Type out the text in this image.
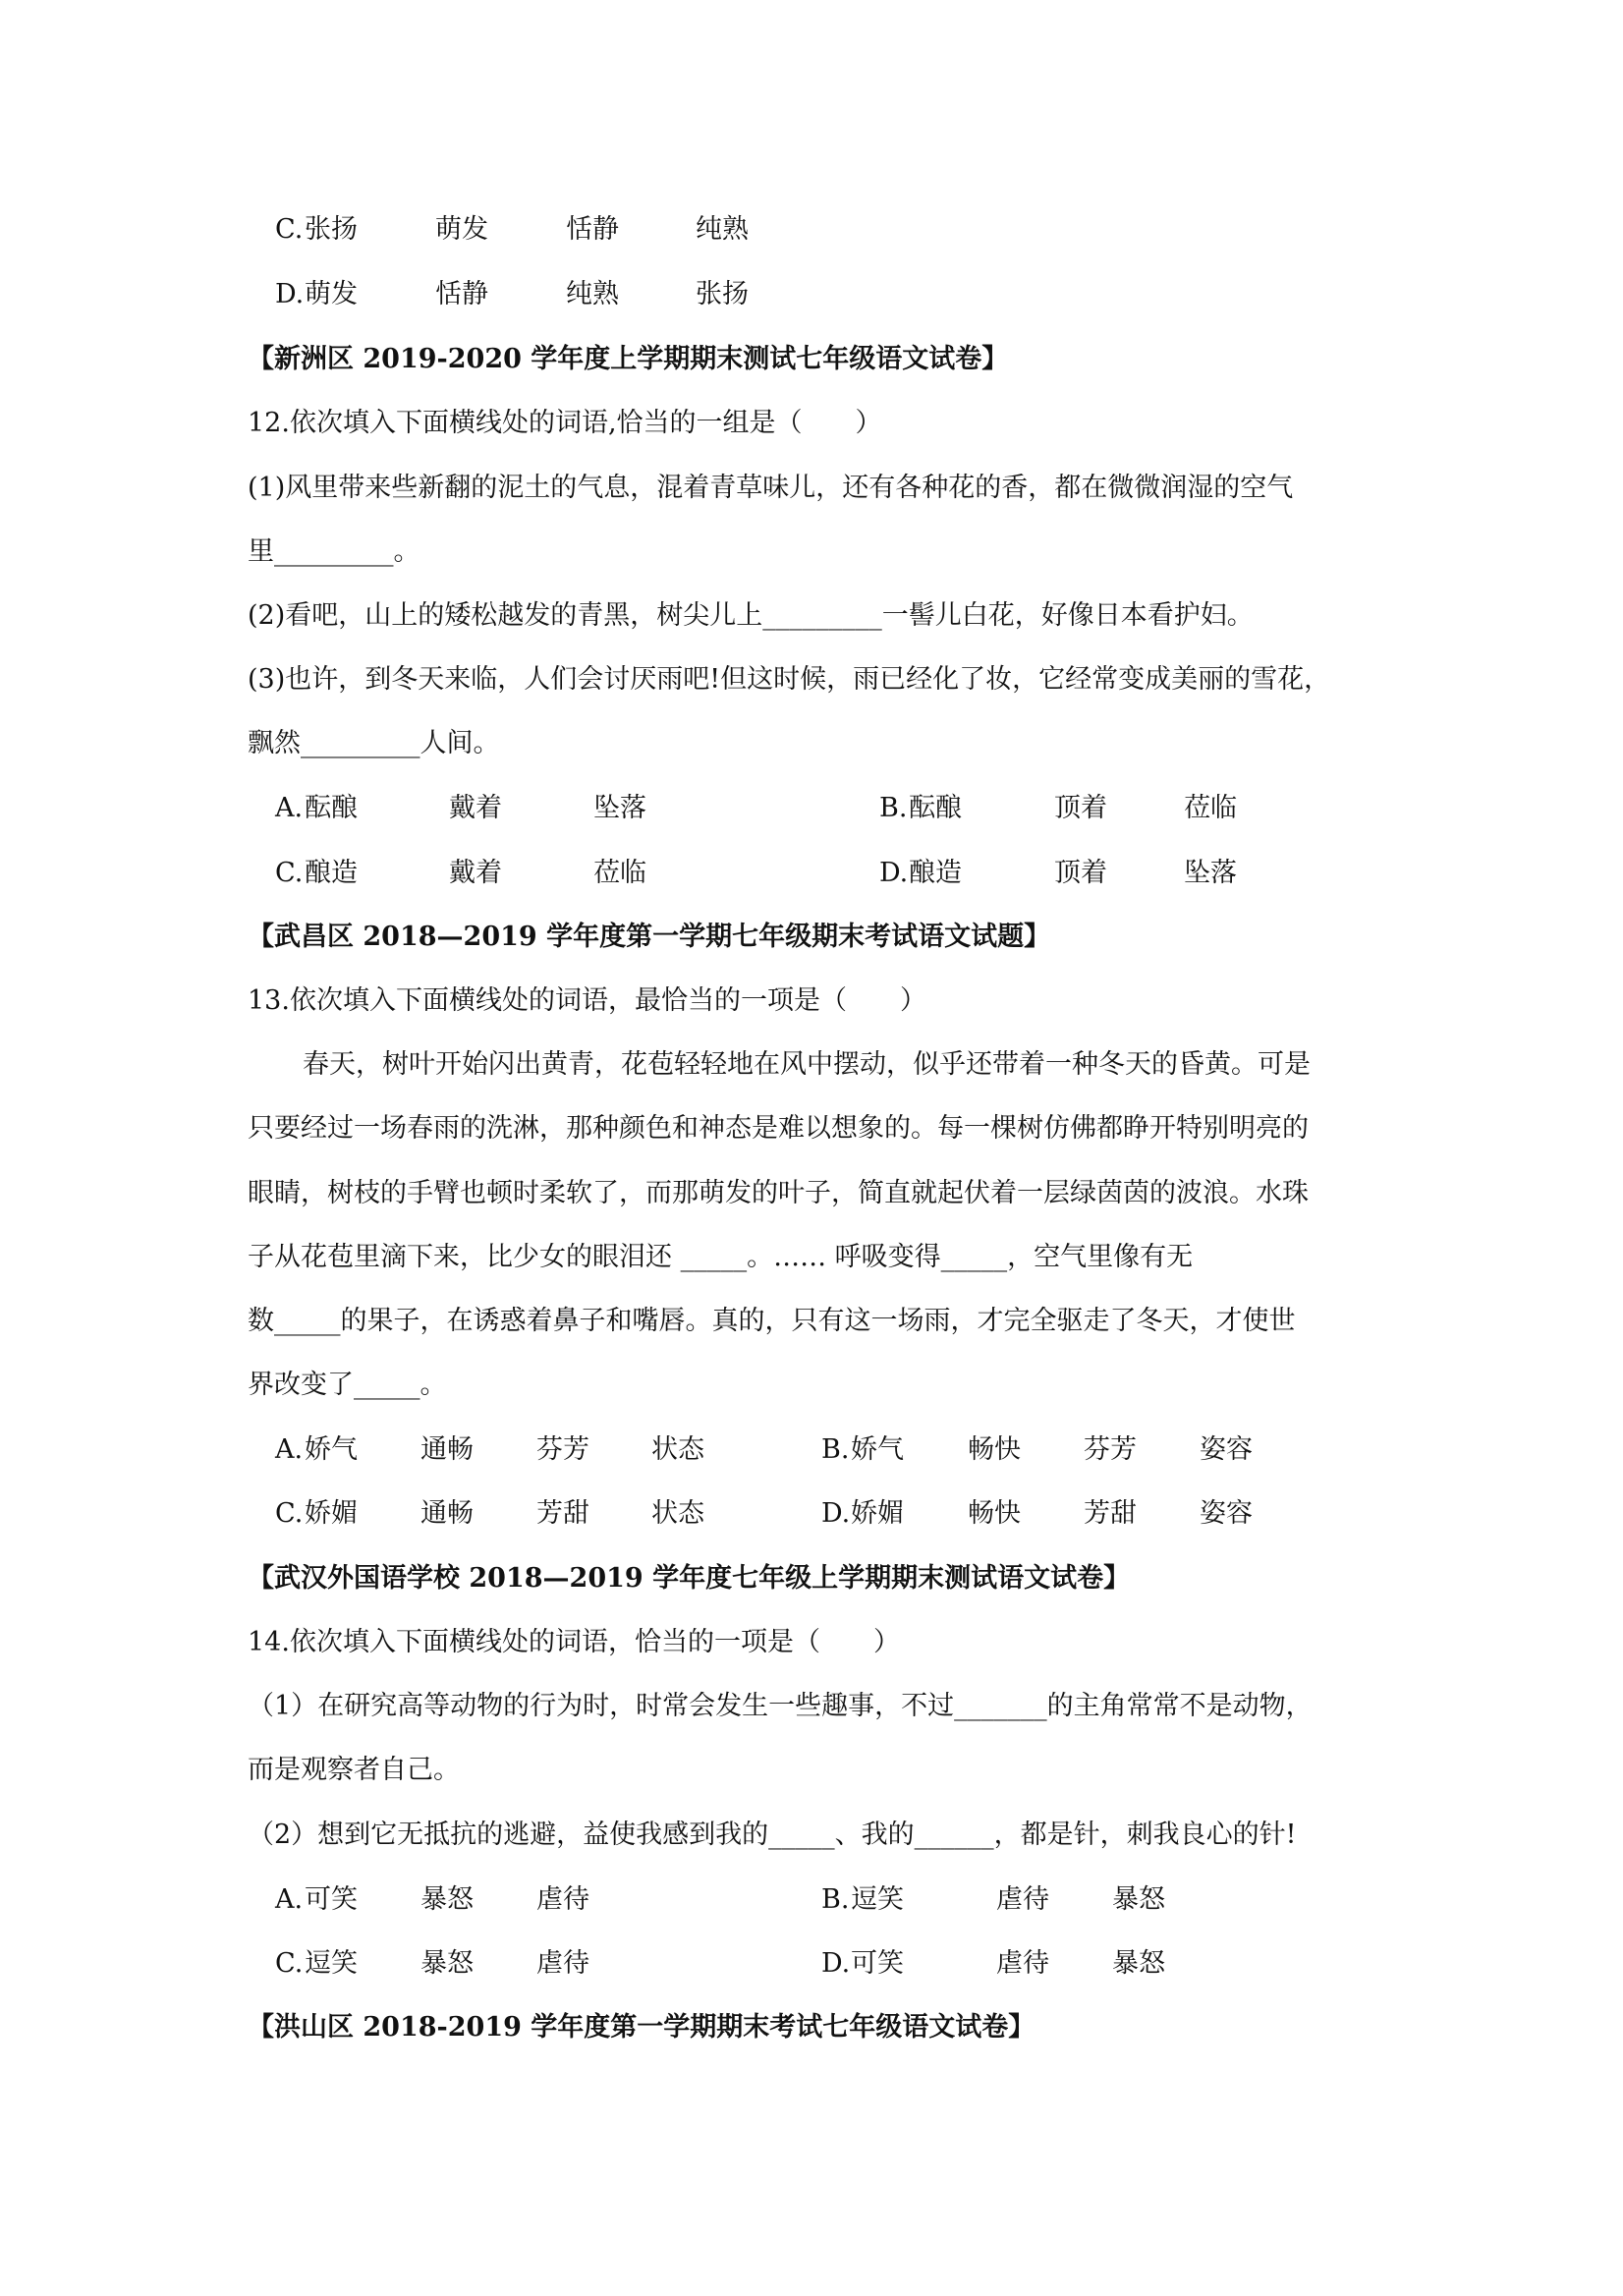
C. 张扬	萌发	恬静	纯熟
D. 萌发	恬静	纯熟	张扬
【新洲区 2019-2020 学年度上学期期末测试七年级语文试卷】
12.依次填入下面横线处的词语,恰当的一组是（　　）
(1)风里带来些新翻的泥土的气息，混着青草味儿，还有各种花的香，都在微微润湿的空气
里_________。
(2)看吧，山上的矮松越发的青黑，树尖儿上_________一髻儿白花，好像日本看护妇。
(3)也许，到冬天来临，人们会讨厌雨吧!但这时候，雨已经化了妆，它经常变成美丽的雪花，
飘然_________人间。
A. 酝酿	戴着	坠落	B. 酝酿	顶着	莅临
C. 酿造	戴着	莅临	D. 酿造	顶着	坠落
【武昌区 2018—2019 学年度第一学期七年级期末考试语文试题】
13.依次填入下面横线处的词语，最恰当的一项是（　　）
春天，树叶开始闪出黄青，花苞轻轻地在风中摆动，似乎还带着一种冬天的昏黄。可是
只要经过一场春雨的洗淋，那种颜色和神态是难以想象的。每一棵树仿佛都睁开特别明亮的
眼睛，树枝的手臂也顿时柔软了，而那萌发的叶子，简直就起伏着一层绿茵茵的波浪。水珠
子从花苞里滴下来，比少女的眼泪还 _____。…… 呼吸变得_____，空气里像有无
数_____的果子，在诱惑着鼻子和嘴唇。真的，只有这一场雨，才完全驱走了冬天，才使世
界改变了_____。
A. 娇气 通畅 芬芳 状态	B. 娇气 畅快 芬芳 姿容
C. 娇媚 通畅 芳甜 状态	D. 娇媚 畅快 芳甜 姿容
【武汉外国语学校 2018—2019 学年度七年级上学期期末测试语文试卷】
14.依次填入下面横线处的词语，恰当的一项是（　　）
（1）在研究高等动物的行为时，时常会发生一些趣事，不过_______的主角常常不是动物，
而是观察者自己。
（2）想到它无抵抗的逃避，益使我感到我的_____、我的______，都是针，刺我良心的针!
A. 可笑 暴怒 虐待	B. 逗笑	虐待 暴怒
C. 逗笑 暴怒 虐待	D. 可笑	虐待 暴怒
【洪山区 2018-2019 学年度第一学期期末考试七年级语文试卷】
